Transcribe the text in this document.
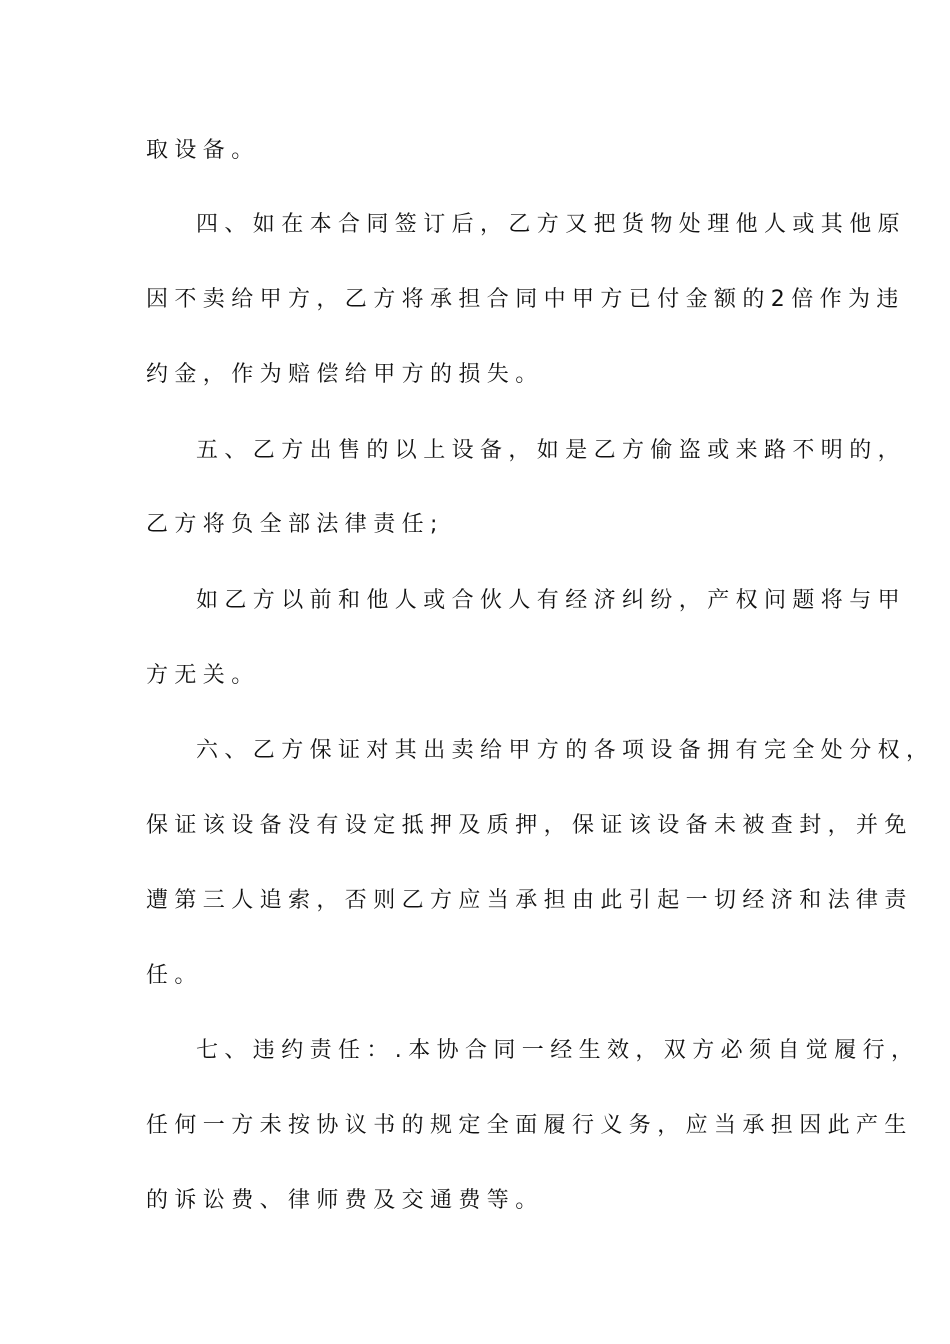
取设备。
四、如在本合同签订后，乙方又把货物处理他人或其他原
因不卖给甲方，乙方将承担合同中甲方已付金额的2倍作为违
约金，作为赔偿给甲方的损失。
五、乙方出售的以上设备，如是乙方偷盗或来路不明的，
乙方将负全部法律责任;
如乙方以前和他人或合伙人有经济纠纷，产权问题将与甲
方无关。
六、乙方保证对其出卖给甲方的各项设备拥有完全处分权，
保证该设备没有设定抵押及质押，保证该设备未被查封，并免
遭第三人追索，否则乙方应当承担由此引起一切经济和法律责
任。
七、违约责任：.本协合同一经生效，双方必须自觉履行，
任何一方未按协议书的规定全面履行义务，应当承担因此产生
的诉讼费、律师费及交通费等。
